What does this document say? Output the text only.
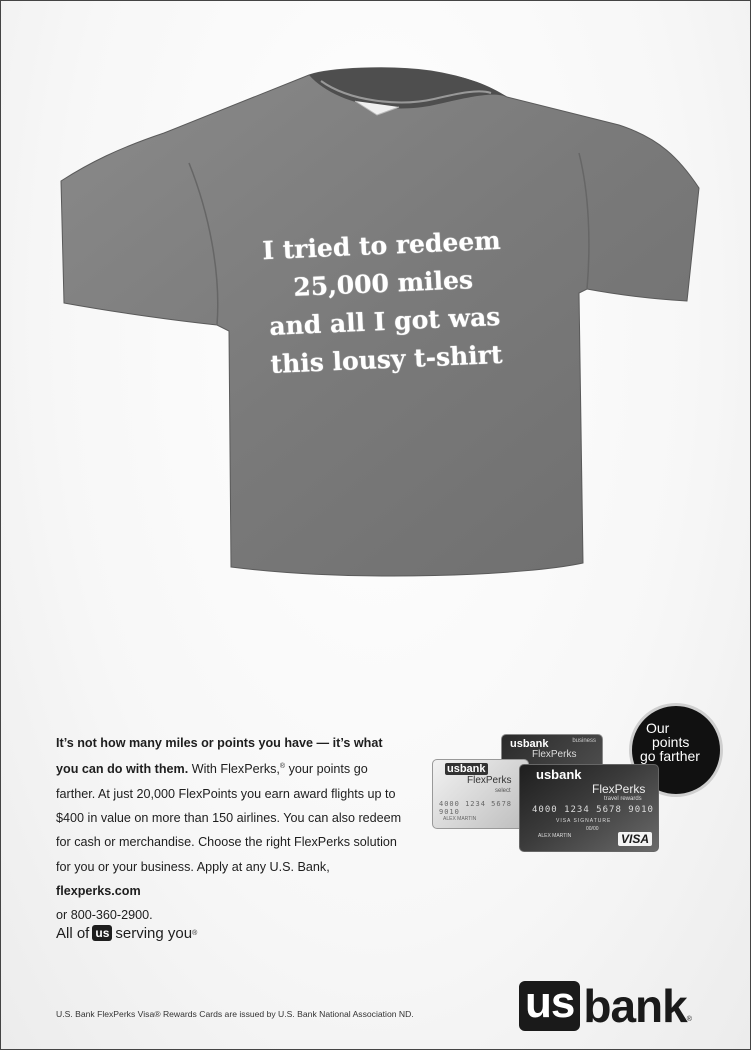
I tried to redeem
25,000 miles
and all I got was
this lousy t-shirt
It’s not how many miles or points you have — it’s what you can do with them. With FlexPerks,® your points go farther. At just 20,000 FlexPoints you earn award flights up to $400 in value on more than 150 airlines. You can also redeem for cash or merchandise. Choose the right FlexPerks solution for you or your business. Apply at any U.S. Bank, flexperks.com
or 800-360-2900.
All of us serving you ®
Our
points
go farther
usbank
FlexPerks
business
usbank
FlexPerks
select
4000 1234 5678 9010
ALEX MARTIN
usbank
FlexPerks
travel rewards
4000 1234 5678 9010
VISA SIGNATURE
00/00
ALEX MARTIN	VISA
U.S. Bank FlexPerks Visa® Rewards Cards are issued by U.S. Bank National Association ND.	us bank ®
